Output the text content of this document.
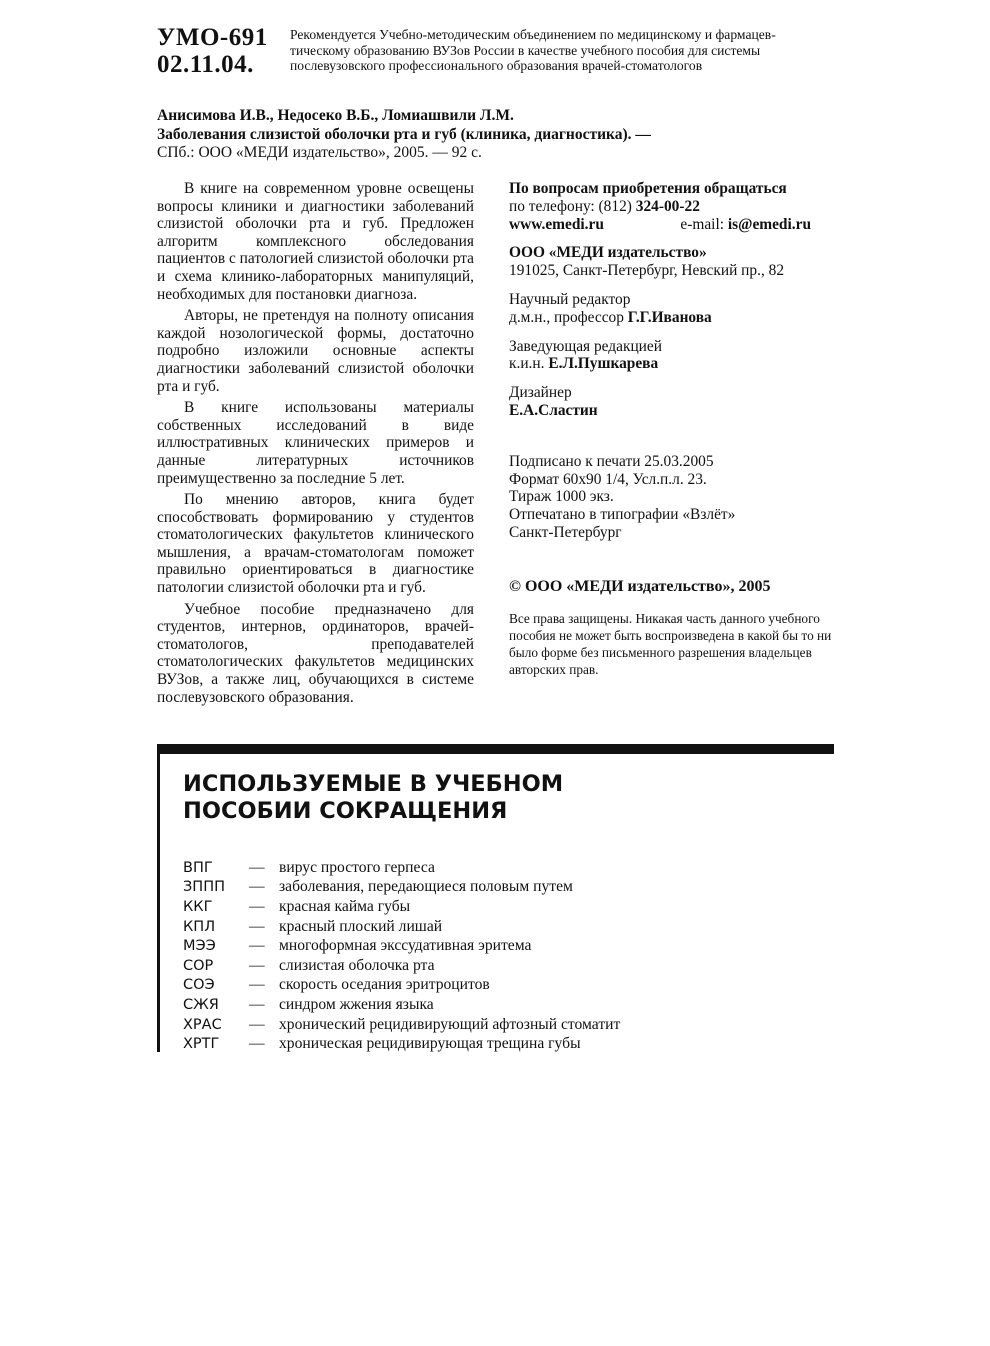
УМО-691
02.11.04.
Рекомендуется Учебно-методическим объединением по медицинскому и фармацев-
тическому образованию ВУЗов России в качестве учебного пособия для системы
послевузовского профессионального образования врачей-стоматологов
Анисимова И.В., Недосеко В.Б., Ломиашвили Л.М.
Заболевания слизистой оболочки рта и губ (клиника, диагностика). —
СПб.: ООО «МЕДИ издательство», 2005. — 92 с.

В книге на современном уровне освещены вопросы клиники и диагностики заболеваний слизистой оболочки рта и губ. Предложен алгоритм комплексного обследования пациентов с патологией слизистой оболочки рта и схема клинико-лабораторных манипуляций, необходимых для постановки диагноза.

Авторы, не претендуя на полноту описания каждой нозологической формы, достаточно подробно изложили основные аспекты диагностики заболеваний слизистой оболочки рта и губ.

В книге использованы материалы собственных исследований в виде иллюстративных клинических примеров и данные литературных источников преимущественно за последние 5 лет.

По мнению авторов, книга будет способствовать формированию у студентов стоматологических факультетов клинического мышления, а врачам-стоматологам поможет правильно ориентироваться в диагностике патологии слизистой оболочки рта и губ.

Учебное пособие предназначено для студентов, интернов, ординаторов, врачей-стоматологов, преподавателей стоматологических факультетов медицинских ВУЗов, а также лиц, обучающихся в системе послевузовского образования.

По вопросам приобретения обращаться
по телефону: (812) 324-00-22
www.emedi.ru	e-mail: is@emedi.ru
ООО «МЕДИ издательство»
191025, Санкт-Петербург, Невский пр., 82
Научный редактор
д.м.н., профессор Г.Г.Иванова
Заведующая редакцией
к.и.н. Е.Л.Пушкарева
Дизайнер
Е.А.Сластин
Подписано к печати 25.03.2005
Формат 60х90 1/4, Усл.п.л. 23.
Тираж 1000 экз.
Отпечатано в типографии «Взлёт»
Санкт-Петербург
© ООО «МЕДИ издательство», 2005
Все права защищены. Никакая часть данного учебного пособия не может быть воспроизведена в какой бы то ни было форме без письменного разрешения владельцев авторских прав.
ИСПОЛЬЗУЕМЫЕ В УЧЕБНОМ
ПОСОБИИ СОКРАЩЕНИЯ
ВПГ	— вирус простого герпеса
ЗППП	— заболевания, передающиеся половым путем
ККГ	— красная кайма губы
КПЛ	— красный плоский лишай
МЭЭ	— многоформная экссудативная эритема
СОР	— слизистая оболочка рта
СОЭ	— скорость оседания эритроцитов
СЖЯ	— синдром жжения языка
ХРАС	— хронический рецидивирующий афтозный стоматит
ХРТГ	— хроническая рецидивирующая трещина губы
